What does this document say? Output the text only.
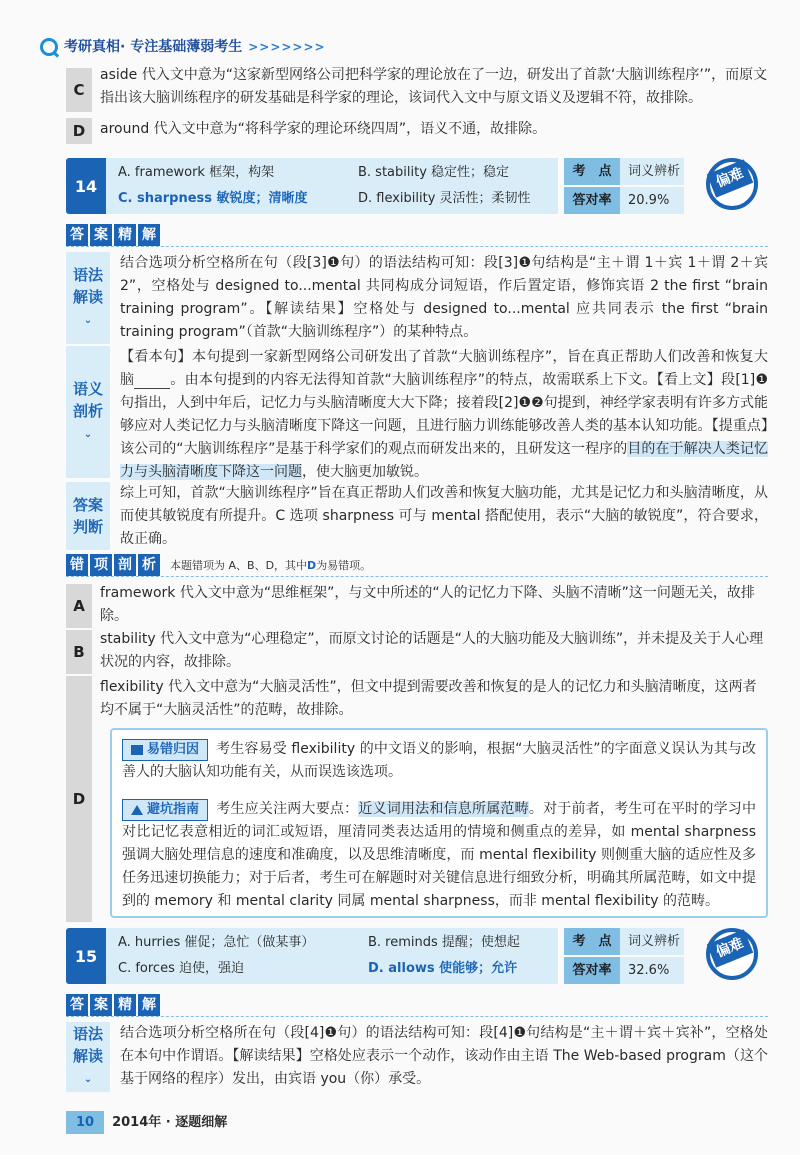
考研真相 · 专注基础薄弱考生 >>>>>>>
C
aside 代入文中意为“这家新型网络公司把科学家的理论放在了一边，研发出了首款‘大脑训练程序’”，而原文指出该大脑训练程序的研发基础是科学家的理论，该词代入文中与原文语义及逻辑不符，故排除。
D	around 代入文中意为“将科学家的理论环绕四周”，语义不通，故排除。
14
A. framework 框架，构架	B. stability 稳定性；稳定
C. sharpness 敏锐度；清晰度	D. flexibility 灵活性；柔韧性
考　点	词义辨析
答对率	20.9%
偏难
答 案 精 解
语法解读
⌄
结合选项分析空格所在句（段[3]❶句）的语法结构可知：段[3]❶句结构是“主＋谓 1＋宾 1＋谓 2＋宾 2”，空格处与 designed to...mental 共同构成分词短语，作后置定语，修饰宾语 2 the first “brain training program”。【解读结果】空格处与 designed to...mental 应共同表示 the first “brain training program”（首款“大脑训练程序”）的某种特点。
语义剖析
⌄
【看本句】本句提到一家新型网络公司研发出了首款“大脑训练程序”，旨在真正帮助人们改善和恢复大脑	。由本句提到的内容无法得知首款“大脑训练程序”的特点，故需联系上下文。【看上文】段[1]❶句指出，人到中年后，记忆力与头脑清晰度大大下降；接着段[2]❶❷句提到，神经学家表明有许多方式能够应对人类记忆力与头脑清晰度下降这一问题，且进行脑力训练能够改善人类的基本认知功能。【提重点】该公司的“大脑训练程序”是基于科学家们的观点而研发出来的，且研发这一程序的目的在于解决人类记忆力与头脑清晰度下降这一问题，使大脑更加敏锐。
答案判断
综上可知，首款“大脑训练程序”旨在真正帮助人们改善和恢复大脑功能，尤其是记忆力和头脑清晰度，从而使其敏锐度有所提升。C 选项 sharpness 可与 mental 搭配使用，表示“大脑的敏锐度”，符合要求，故正确。
错 项 剖 析	本题错项为 A、B、D，其中D为易错项。
A
framework 代入文中意为“思维框架”，与文中所述的“人的记忆力下降、头脑不清晰”这一问题无关，故排除。
B
stability 代入文中意为“心理稳定”，而原文讨论的话题是“人的大脑功能及大脑训练”，并未提及关于人心理状况的内容，故排除。
D
flexibility 代入文中意为“大脑灵活性”，但文中提到需要改善和恢复的是人的记忆力和头脑清晰度，这两者均不属于“大脑灵活性”的范畴，故排除。
易错归因 考生容易受 flexibility 的中文语义的影响，根据“大脑灵活性”的字面意义误认为其与改善人的大脑认知功能有关，从而误选该选项。
避坑指南 考生应关注两大要点：近义词用法和信息所属范畴。对于前者，考生可在平时的学习中对比记忆表意相近的词汇或短语，厘清同类表达适用的情境和侧重点的差异，如 mental sharpness 强调大脑处理信息的速度和准确度，以及思维清晰度，而 mental flexibility 则侧重大脑的适应性及多任务迅速切换能力；对于后者，考生可在解题时对关键信息进行细致分析，明确其所属范畴，如文中提到的 memory 和 mental clarity 同属 mental sharpness，而非 mental flexibility 的范畴。
15
A. hurries 催促；急忙（做某事）	B. reminds 提醒；使想起
C. forces 迫使，强迫	D. allows 使能够；允许
考　点	词义辨析
答对率	32.6%
偏难
答 案 精 解
语法解读
⌄
结合选项分析空格所在句（段[4]❶句）的语法结构可知：段[4]❶句结构是“主＋谓＋宾＋宾补”，空格处在本句中作谓语。【解读结果】空格处应表示一个动作，该动作由主语 The Web-based program（这个基于网络的程序）发出，由宾语 you（你）承受。
10	2014年 · 逐题细解
